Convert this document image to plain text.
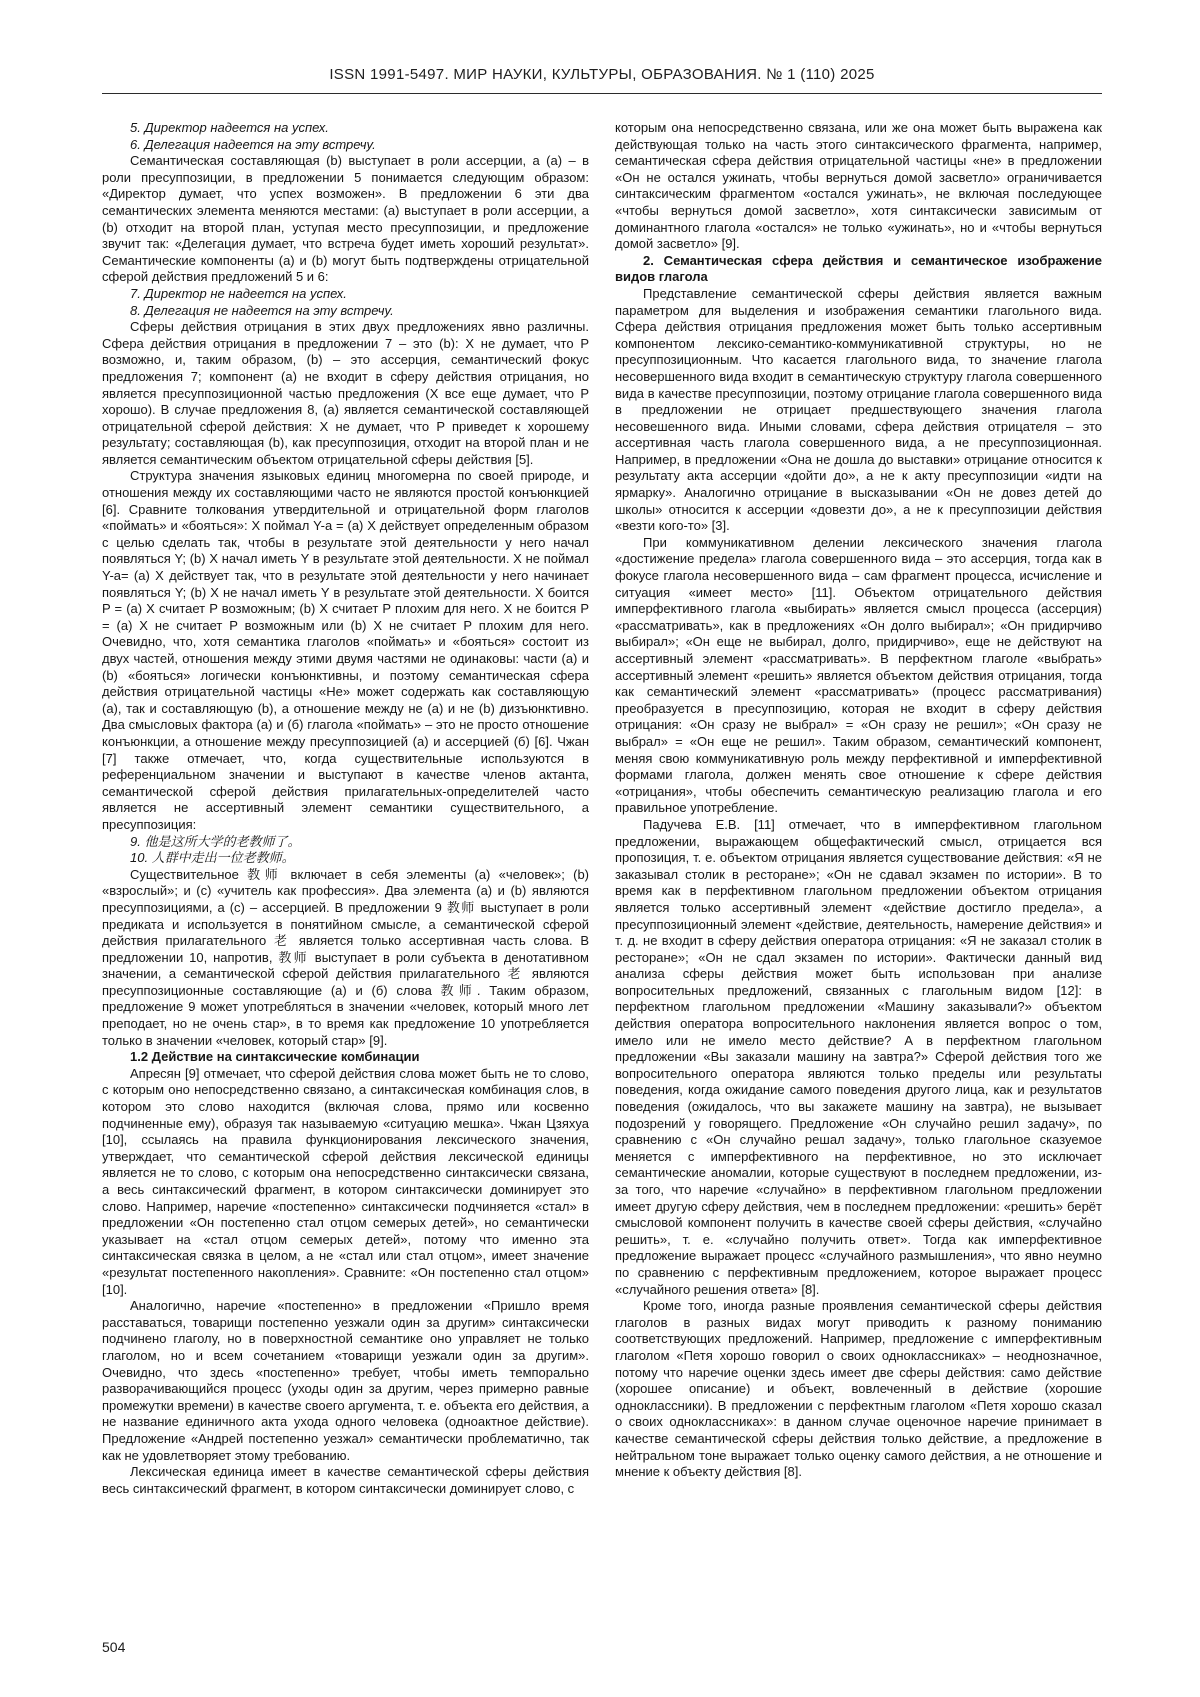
ISSN 1991-5497. МИР НАУКИ, КУЛЬТУРЫ, ОБРАЗОВАНИЯ. № 1 (110) 2025

5. Директор надеется на успех.

6. Делегация надеется на эту встречу.

Семантическая составляющая (b) выступает в роли ассерции, а (a) – в роли пресуппозиции, в предложении 5 понимается следующим образом: «Директор думает, что успех возможен». В предложении 6 эти два семантических элемента меняются местами: (a) выступает в роли ассерции, а (b) отходит на второй план, уступая место пресуппозиции, и предложение звучит так: «Делегация думает, что встреча будет иметь хороший результат». Семантические компоненты (a) и (b) могут быть подтверждены отрицательной сферой действия предложений 5 и 6:

7. Директор не надеется на успех.

8. Делегация не надеется на эту встречу.

Сферы действия отрицания в этих двух предложениях явно различны. Сфера действия отрицания в предложении 7 – это (b): X не думает, что P возможно, и, таким образом, (b) – это ассерция, семантический фокус предложения 7; компонент (a) не входит в сферу действия отрицания, но является пресуппозиционной частью предложения (X все еще думает, что P хорошо). В случае предложения 8, (a) является семантической составляющей отрицательной сферой действия: X не думает, что P приведет к хорошему результату; составляющая (b), как пресуппозиция, отходит на второй план и не является семантическим объектом отрицательной сферы действия [5].

Структура значения языковых единиц многомерна по своей природе, и отношения между их составляющими часто не являются простой конъюнкцией [6]. Сравните толкования утвердительной и отрицательной форм глаголов «поймать» и «бояться»: X поймал Y-a = (a) X действует определенным образом с целью сделать так, чтобы в результате этой деятельности у него начал появляться Y; (b) X начал иметь Y в результате этой деятельности. X не поймал Y-a= (a) X действует так, что в результате этой деятельности у него начинает появляться Y; (b) X не начал иметь Y в результате этой деятельности. X боится P = (a) X считает P возможным; (b) X считает P плохим для него. X не боится P = (a) X не считает P возможным или (b) X не считает P плохим для него. Очевидно, что, хотя семантика глаголов «поймать» и «бояться» состоит из двух частей, отношения между этими двумя частями не одинаковы: части (a) и (b) «бояться» логически конъюнктивны, и поэтому семантическая сфера действия отрицательной частицы «Не» может содержать как составляющую (a), так и составляющую (b), а отношение между не (a) и не (b) дизъюнктивно. Два смысловых фактора (a) и (б) глагола «поймать» – это не просто отношение конъюнкции, а отношение между пресуппозицией (a) и ассерцией (б) [6]. Чжан [7] также отмечает, что, когда существительные используются в референциальном значении и выступают в качестве членов актанта, семантической сферой действия прилагательных-определителей часто является не ассертивный элемент семантики существительного, а пресуппозиция:

9. 他是这所大学的老教师了。

10. 人群中走出一位老教师。

Существительное 教师 включает в себя элементы (a) «человек»; (b) «взрослый»; и (c) «учитель как профессия». Два элемента (a) и (b) являются пресуппозициями, а (c) – ассерцией. В предложении 9 教师 выступает в роли предиката и используется в понятийном смысле, а семантической сферой действия прилагательного 老 является только ассертивная часть слова. В предложении 10, напротив, 教师 выступает в роли субъекта в денотативном значении, а семантической сферой действия прилагательного 老 являются пресуппозиционные составляющие (a) и (б) слова 教师. Таким образом, предложение 9 может употребляться в значении «человек, который много лет преподает, но не очень стар», в то время как предложение 10 употребляется только в значении «человек, который стар» [9].

1.2 Действие на синтаксические комбинации

Апресян [9] отмечает, что сферой действия слова может быть не то слово, с которым оно непосредственно связано, а синтаксическая комбинация слов, в котором это слово находится (включая слова, прямо или косвенно подчиненные ему), образуя так называемую «ситуацию мешка». Чжан Цзяхуа [10], ссылаясь на правила функционирования лексического значения, утверждает, что семантической сферой действия лексической единицы является не то слово, с которым она непосредственно синтаксически связана, а весь синтаксический фрагмент, в котором синтаксически доминирует это слово. Например, наречие «постепенно» синтаксически подчиняется «стал» в предложении «Он постепенно стал отцом семерых детей», но семантически указывает на «стал отцом семерых детей», потому что именно эта синтаксическая связка в целом, а не «стал или стал отцом», имеет значение «результат постепенного накопления». Сравните: «Он постепенно стал отцом» [10].

Аналогично, наречие «постепенно» в предложении «Пришло время расставаться, товарищи постепенно уезжали один за другим» синтаксически подчинено глаголу, но в поверхностной семантике оно управляет не только глаголом, но и всем сочетанием «товарищи уезжали один за другим». Очевидно, что здесь «постепенно» требует, чтобы иметь темпорально разворачивающийся процесс (уходы один за другим, через примерно равные промежутки времени) в качестве своего аргумента, т. е. объекта его действия, а не название единичного акта ухода одного человека (одноактное действие). Предложение «Андрей постепенно уезжал» семантически проблематично, так как не удовлетворяет этому требованию.

Лексическая единица имеет в качестве семантической сферы действия весь синтаксический фрагмент, в котором синтаксически доминирует слово, с

которым она непосредственно связана, или же она может быть выражена как действующая только на часть этого синтаксического фрагмента, например, семантическая сфера действия отрицательной частицы «не» в предложении «Он не остался ужинать, чтобы вернуться домой засветло» ограничивается синтаксическим фрагментом «остался ужинать», не включая последующее «чтобы вернуться домой засветло», хотя синтаксически зависимым от доминантного глагола «остался» не только «ужинать», но и «чтобы вернуться домой засветло» [9].

2. Семантическая сфера действия и семантическое изображение видов глагола

Представление семантической сферы действия является важным параметром для выделения и изображения семантики глагольного вида. Сфера действия отрицания предложения может быть только ассертивным компонентом лексико-семантико-коммуникативной структуры, но не пресуппозиционным. Что касается глагольного вида, то значение глагола несовершенного вида входит в семантическую структуру глагола совершенного вида в качестве пресуппозиции, поэтому отрицание глагола совершенного вида в предложении не отрицает предшествующего значения глагола несовешенного вида. Иными словами, сфера действия отрицателя – это ассертивная часть глагола совершенного вида, а не пресуппозиционная. Например, в предложении «Она не дошла до выставки» отрицание относится к результату акта ассерции «дойти до», а не к акту пресуппозиции «идти на ярмарку». Аналогично отрицание в высказывании «Он не довез детей до школы» относится к ассерции «довезти до», а не к пресуппозиции действия «везти кого-то» [3].

При коммуникативном делении лексического значения глагола «достижение предела» глагола совершенного вида – это ассерция, тогда как в фокусе глагола несовершенного вида – сам фрагмент процесса, исчисление и ситуация «имеет место» [11]. Объектом отрицательного действия имперфективного глагола «выбирать» является смысл процесса (ассерция) «рассматривать», как в предложениях «Он долго выбирал»; «Он придирчиво выбирал»; «Он еще не выбирал, долго, придирчиво», еще не действуют на ассертивный элемент «рассматривать». В перфектном глаголе «выбрать» ассертивный элемент «решить» является объектом действия отрицания, тогда как семантический элемент «рассматривать» (процесс рассматривания) преобразуется в пресуппозицию, которая не входит в сферу действия отрицания: «Он сразу не выбрал» = «Он сразу не решил»; «Он сразу не выбрал» = «Он еще не решил». Таким образом, семантический компонент, меняя свою коммуникативную роль между перфективной и имперфективной формами глагола, должен менять свое отношение к сфере действия «отрицания», чтобы обеспечить семантическую реализацию глагола и его правильное употребление.

Падучева Е.В. [11] отмечает, что в имперфективном глагольном предложении, выражающем общефактический смысл, отрицается вся пропозиция, т. е. объектом отрицания является существование действия: «Я не заказывал столик в ресторане»; «Он не сдавал экзамен по истории». В то время как в перфективном глагольном предложении объектом отрицания является только ассертивный элемент «действие достигло предела», а пресуппозиционный элемент «действие, деятельность, намерение действия» и т. д. не входит в сферу действия оператора отрицания: «Я не заказал столик в ресторане»; «Он не сдал экзамен по истории». Фактически данный вид анализа сферы действия может быть использован при анализе вопросительных предложений, связанных с глагольным видом [12]: в перфектном глагольном предложении «Машину заказывали?» объектом действия оператора вопросительного наклонения является вопрос о том, имело или не имело место действие? А в перфектном глагольном предложении «Вы заказали машину на завтра?» Сферой действия того же вопросительного оператора являются только пределы или результаты поведения, когда ожидание самого поведения другого лица, как и результатов поведения (ожидалось, что вы закажете машину на завтра), не вызывает подозрений у говорящего. Предложение «Он случайно решил задачу», по сравнению с «Он случайно решал задачу», только глагольное сказуемое меняется с имперфективного на перфективное, но это исключает семантические аномалии, которые существуют в последнем предложении, из-за того, что наречие «случайно» в перфективном глагольном предложении имеет другую сферу действия, чем в последнем предложении: «решить» берёт смысловой компонент получить в качестве своей сферы действия, «случайно решить», т. е. «случайно получить ответ». Тогда как имперфективное предложение выражает процесс «случайного размышления», что явно неумно по сравнению с перфективным предложением, которое выражает процесс «случайного решения ответа» [8].

Кроме того, иногда разные проявления семантической сферы действия глаголов в разных видах могут приводить к разному пониманию соответствующих предложений. Например, предложение с имперфективным глаголом «Петя хорошо говорил о своих одноклассниках» – неоднозначное, потому что наречие оценки здесь имеет две сферы действия: само действие (хорошее описание) и объект, вовлеченный в действие (хорошие одноклассники). В предложении с перфектным глаголом «Петя хорошо сказал о своих одноклассниках»: в данном случае оценочное наречие принимает в качестве семантической сферы действия только действие, а предложение в нейтральном тоне выражает только оценку самого действия, а не отношение и мнение к объекту действия [8].

504
